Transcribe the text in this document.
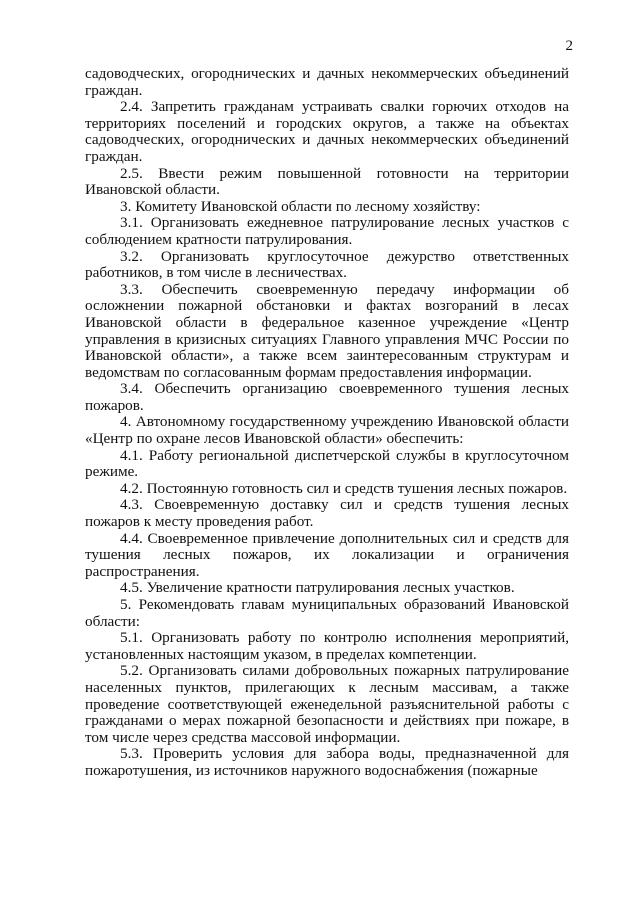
2

садоводческих, огороднических и дачных некоммерческих объединений граждан.

2.4. Запретить гражданам устраивать свалки горючих отходов на территориях поселений и городских округов, а также на объектах садоводческих, огороднических и дачных некоммерческих объединений граждан.

2.5. Ввести режим повышенной готовности на территории Ивановской области.

3. Комитету Ивановской области по лесному хозяйству:

3.1. Организовать ежедневное патрулирование лесных участков с соблюдением кратности патрулирования.

3.2. Организовать круглосуточное дежурство ответственных работников, в том числе в лесничествах.

3.3. Обеспечить своевременную передачу информации об осложнении пожарной обстановки и фактах возгораний в лесах Ивановской области в федеральное казенное учреждение «Центр управления в кризисных ситуациях Главного управления МЧС России по Ивановской области», а также всем заинтересованным структурам и ведомствам по согласованным формам предоставления информации.

3.4. Обеспечить организацию своевременного тушения лесных пожаров.

4. Автономному государственному учреждению Ивановской области «Центр по охране лесов Ивановской области» обеспечить:

4.1. Работу региональной диспетчерской службы в круглосуточном режиме.

4.2. Постоянную готовность сил и средств тушения лесных пожаров.

4.3. Своевременную доставку сил и средств тушения лесных пожаров к месту проведения работ.

4.4. Своевременное привлечение дополнительных сил и средств для тушения лесных пожаров, их локализации и ограничения распространения.

4.5. Увеличение кратности патрулирования лесных участков.

5. Рекомендовать главам муниципальных образований Ивановской области:

5.1. Организовать работу по контролю исполнения мероприятий, установленных настоящим указом, в пределах компетенции.

5.2. Организовать силами добровольных пожарных патрулирование населенных пунктов, прилегающих к лесным массивам, а также проведение соответствующей еженедельной разъяснительной работы с гражданами о мерах пожарной безопасности и действиях при пожаре, в том числе через средства массовой информации.

5.3. Проверить условия для забора воды, предназначенной для пожаротушения, из источников наружного водоснабжения (пожарные
